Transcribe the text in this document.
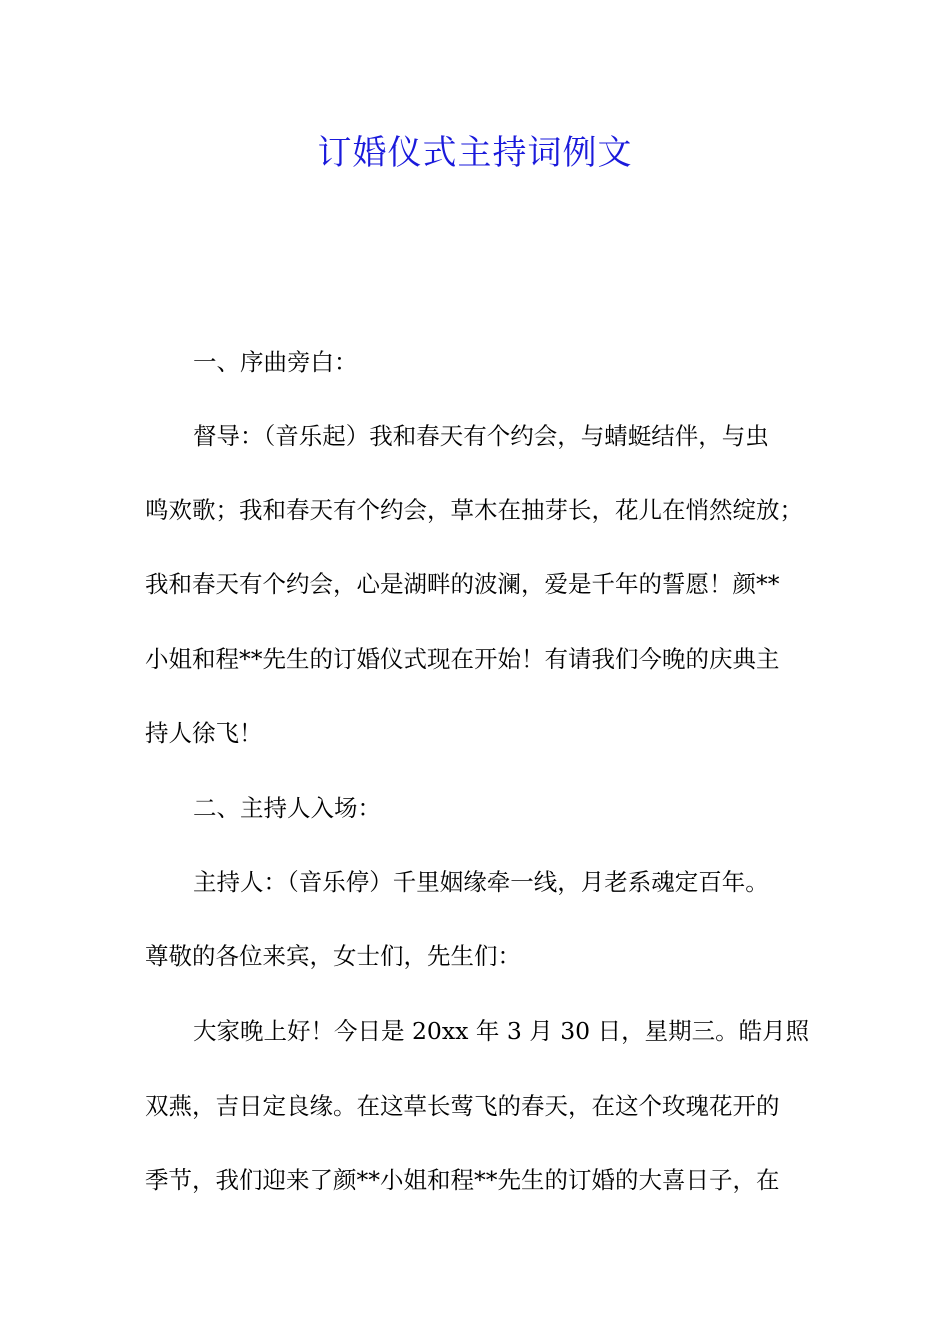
订婚仪式主持词例文

一、序曲旁白：

督导：（音乐起）我和春天有个约会，与蜻蜓结伴，与虫

鸣欢歌；我和春天有个约会，草木在抽芽长，花儿在悄然绽放；

我和春天有个约会，心是湖畔的波澜，爱是千年的誓愿！颜**

小姐和程**先生的订婚仪式现在开始！有请我们今晚的庆典主

持人徐飞！

二、主持人入场：

主持人：（音乐停）千里姻缘牵一线，月老系魂定百年。

尊敬的各位来宾，女士们，先生们：

大家晚上好！今日是 20xx 年 3 月 30 日，星期三。皓月照

双燕，吉日定良缘。在这草长莺飞的春天，在这个玫瑰花开的

季节，我们迎来了颜**小姐和程**先生的订婚的大喜日子，在
